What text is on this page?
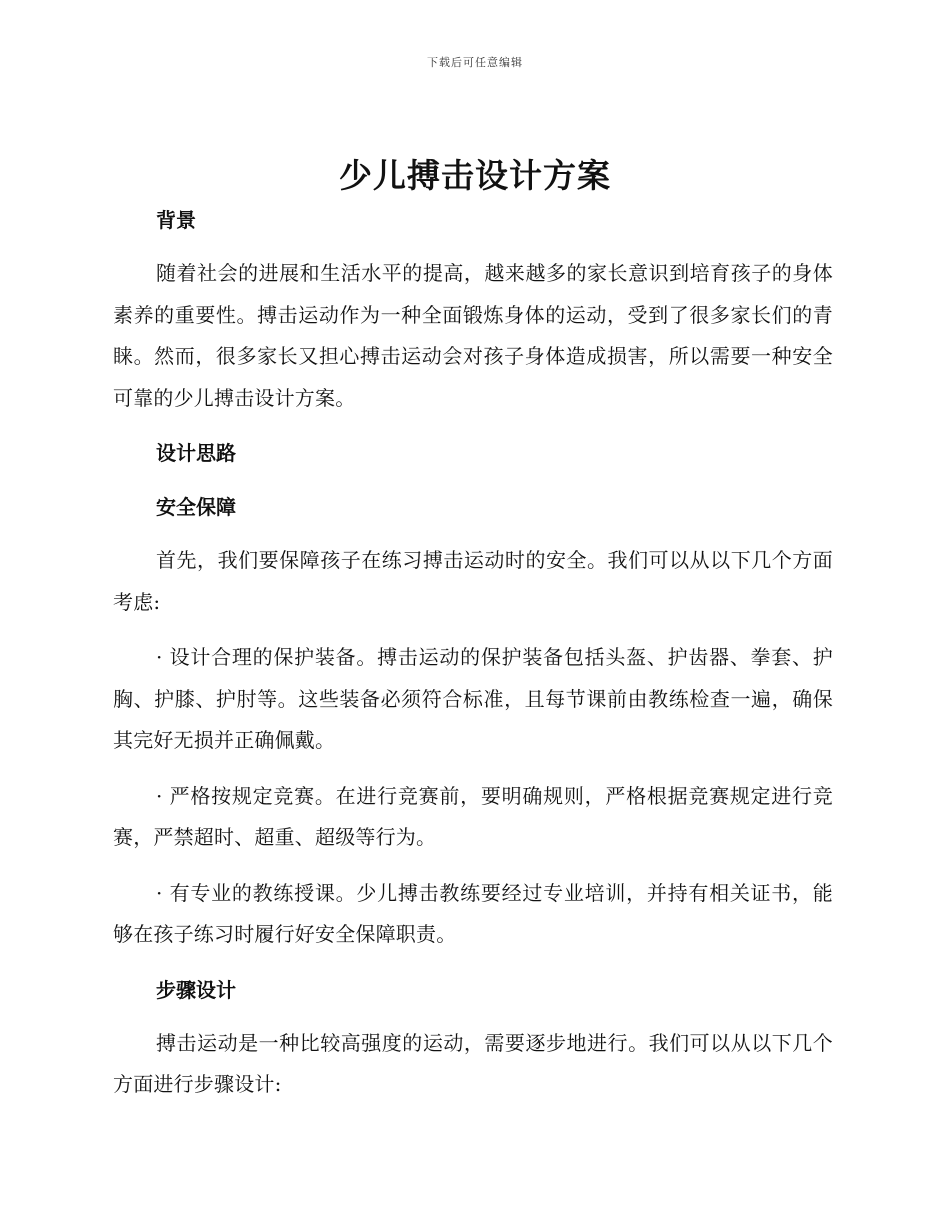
下载后可任意编辑
少儿搏击设计方案
背景

随着社会的进展和生活水平的提高，越来越多的家长意识到培育孩子的身体素养的重要性。搏击运动作为一种全面锻炼身体的运动，受到了很多家长们的青睐。然而，很多家长又担心搏击运动会对孩子身体造成损害，所以需要一种安全可靠的少儿搏击设计方案。

设计思路
安全保障

首先，我们要保障孩子在练习搏击运动时的安全。我们可以从以下几个方面考虑:

· 设计合理的保护装备。搏击运动的保护装备包括头盔、护齿器、拳套、护胸、护膝、护肘等。这些装备必须符合标准，且每节课前由教练检查一遍，确保其完好无损并正确佩戴。

· 严格按规定竞赛。在进行竞赛前，要明确规则，严格根据竞赛规定进行竞赛，严禁超时、超重、超级等行为。

· 有专业的教练授课。少儿搏击教练要经过专业培训，并持有相关证书，能够在孩子练习时履行好安全保障职责。

步骤设计

搏击运动是一种比较高强度的运动，需要逐步地进行。我们可以从以下几个方面进行步骤设计:
